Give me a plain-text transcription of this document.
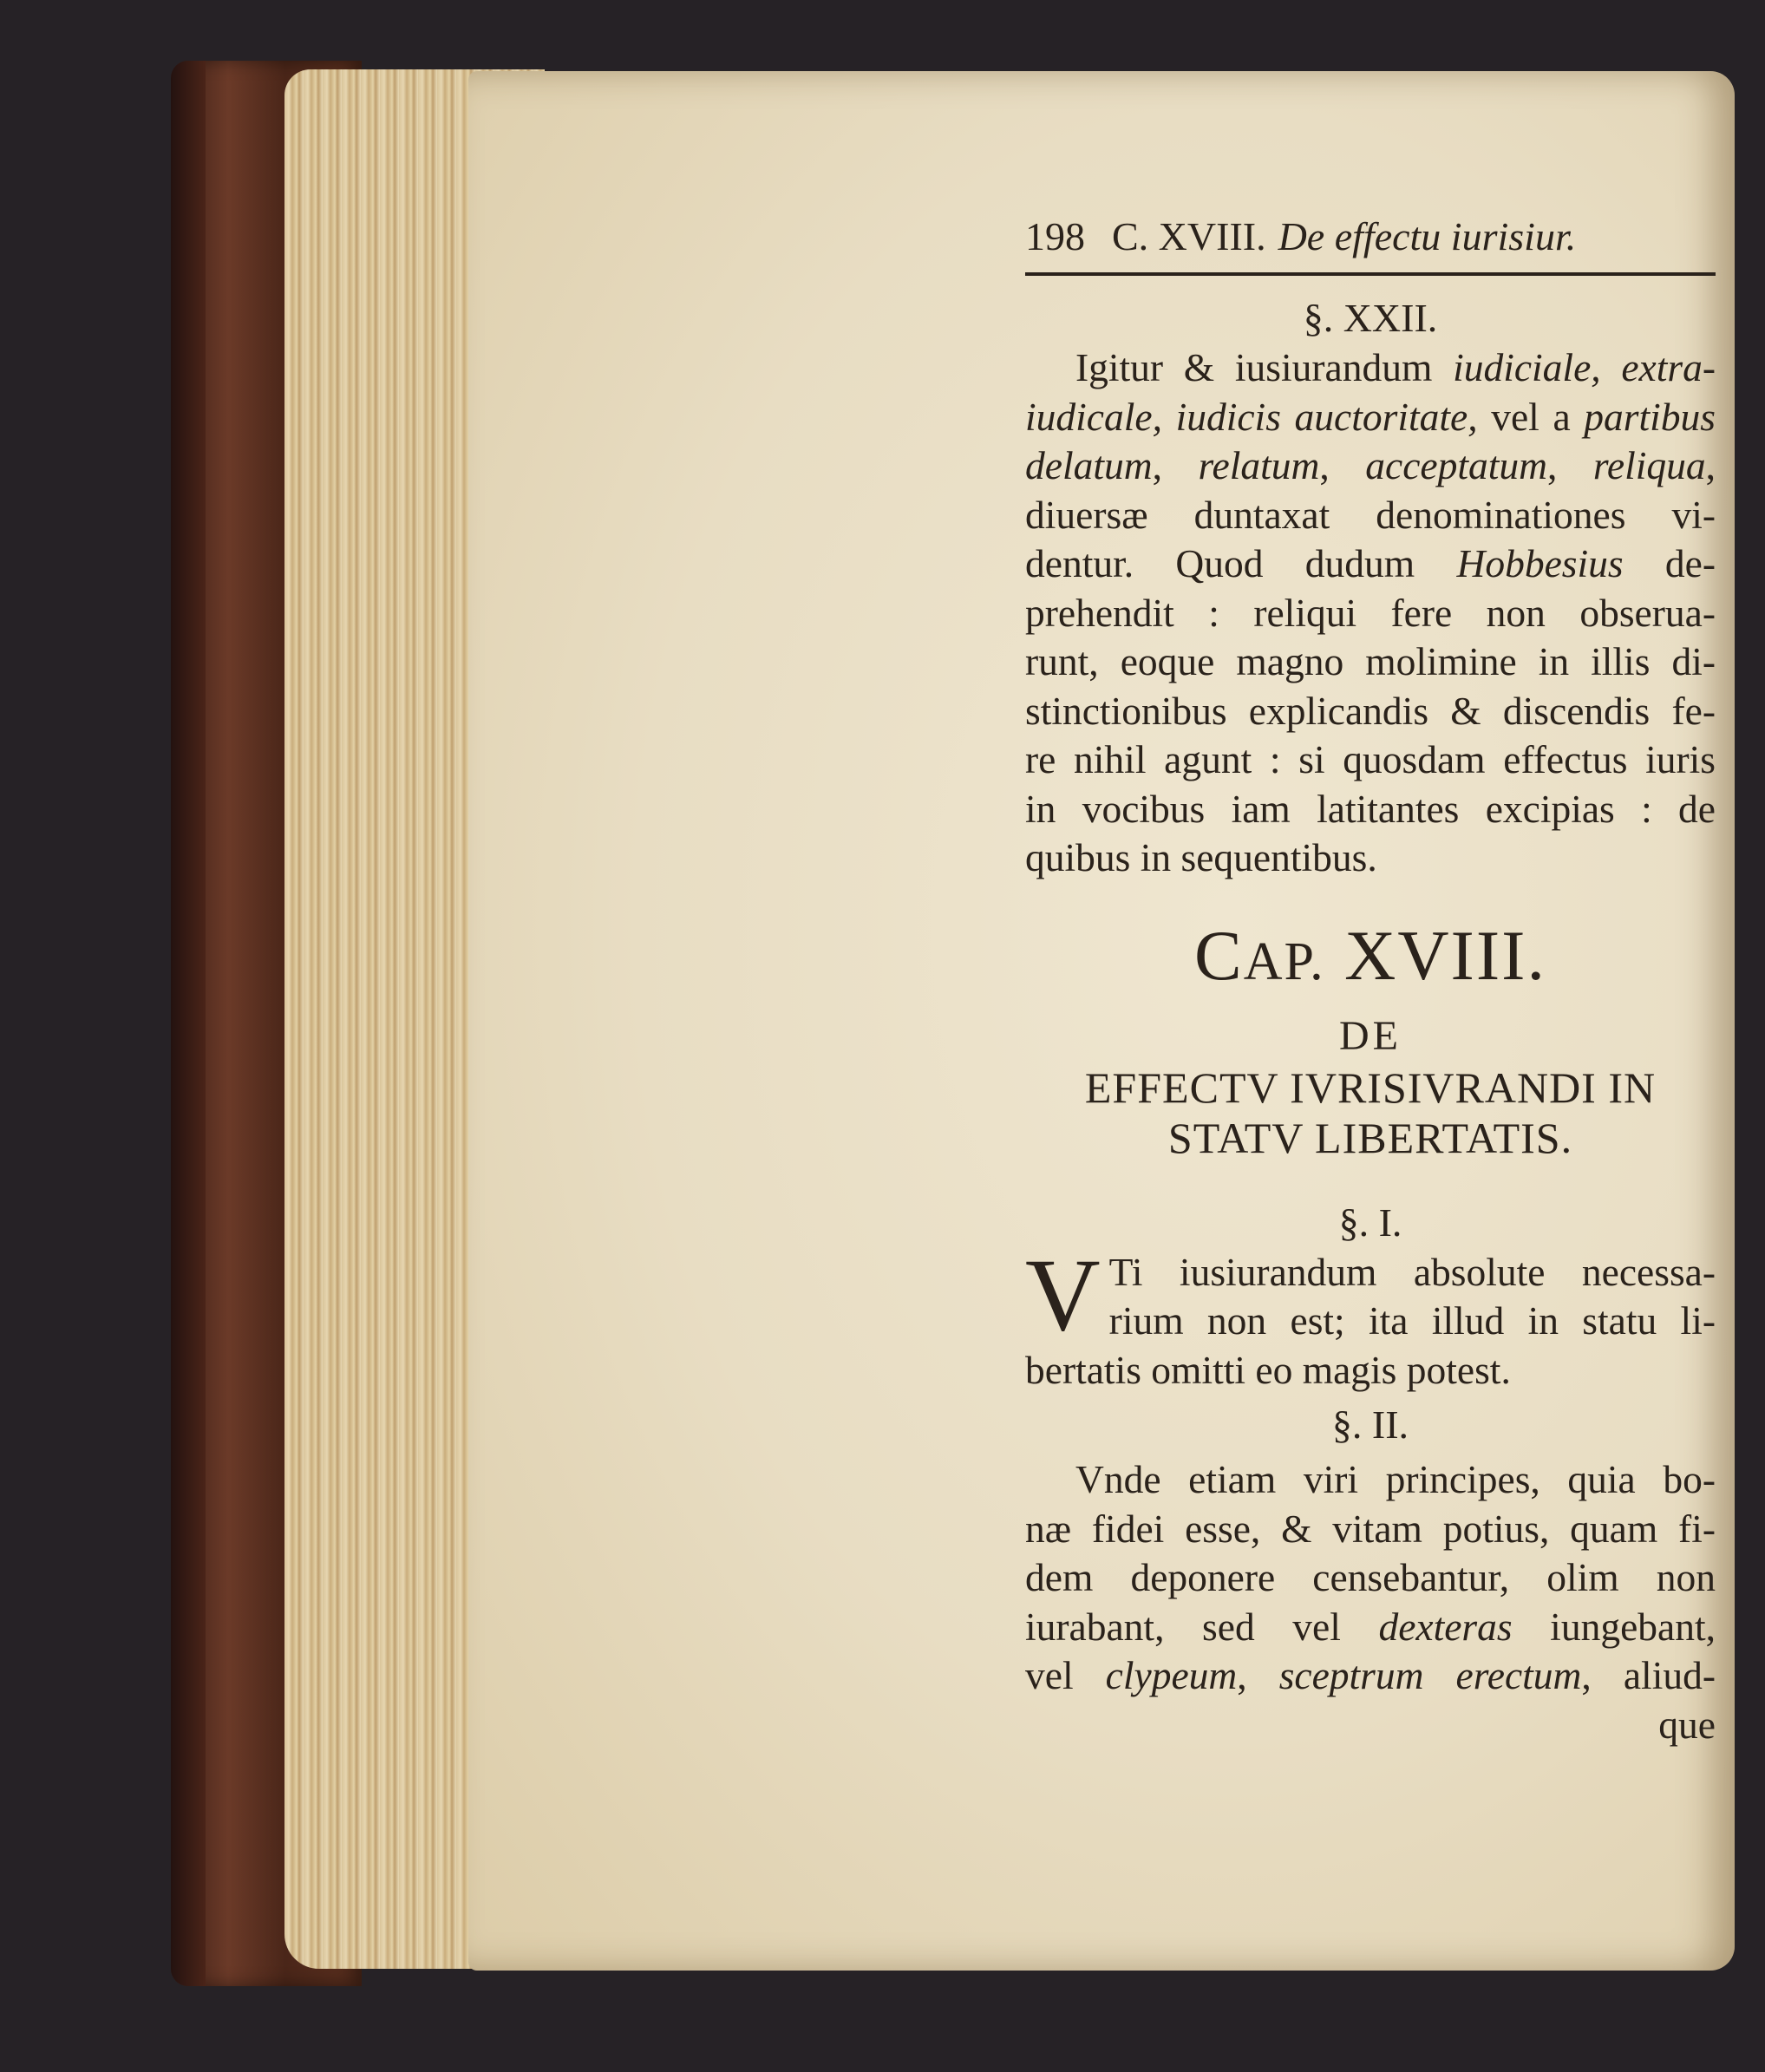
198 C. XVIII. De effectu iurisiur.
§. XXII.
Igitur & iusiurandum iudiciale, extra-
iudicale, iudicis auctoritate, vel a partibus
delatum, relatum, acceptatum, reliqua,
diuersæ duntaxat denominationes vi-
dentur. Quod dudum Hobbesius de-
prehendit : reliqui fere non obserua-
runt, eoque magno molimine in illis di-
stinctionibus explicandis & discendis fe-
re nihil agunt : si quosdam effectus iuris
in vocibus iam latitantes excipias : de
quibus in sequentibus.
CAP. XVIII.
DE
EFFECTV IVRISIVRANDI IN
STATV LIBERTATIS.
§. I.
V Ti iusiurandum absolute necessa-
rium non est; ita illud in statu li-
bertatis omitti eo magis potest.
§. II.
Vnde etiam viri principes, quia bo-
næ fidei esse, & vitam potius, quam fi-
dem deponere censebantur, olim non
iurabant, sed vel dexteras iungebant,
vel clypeum, sceptrum erectum, aliud-
que
